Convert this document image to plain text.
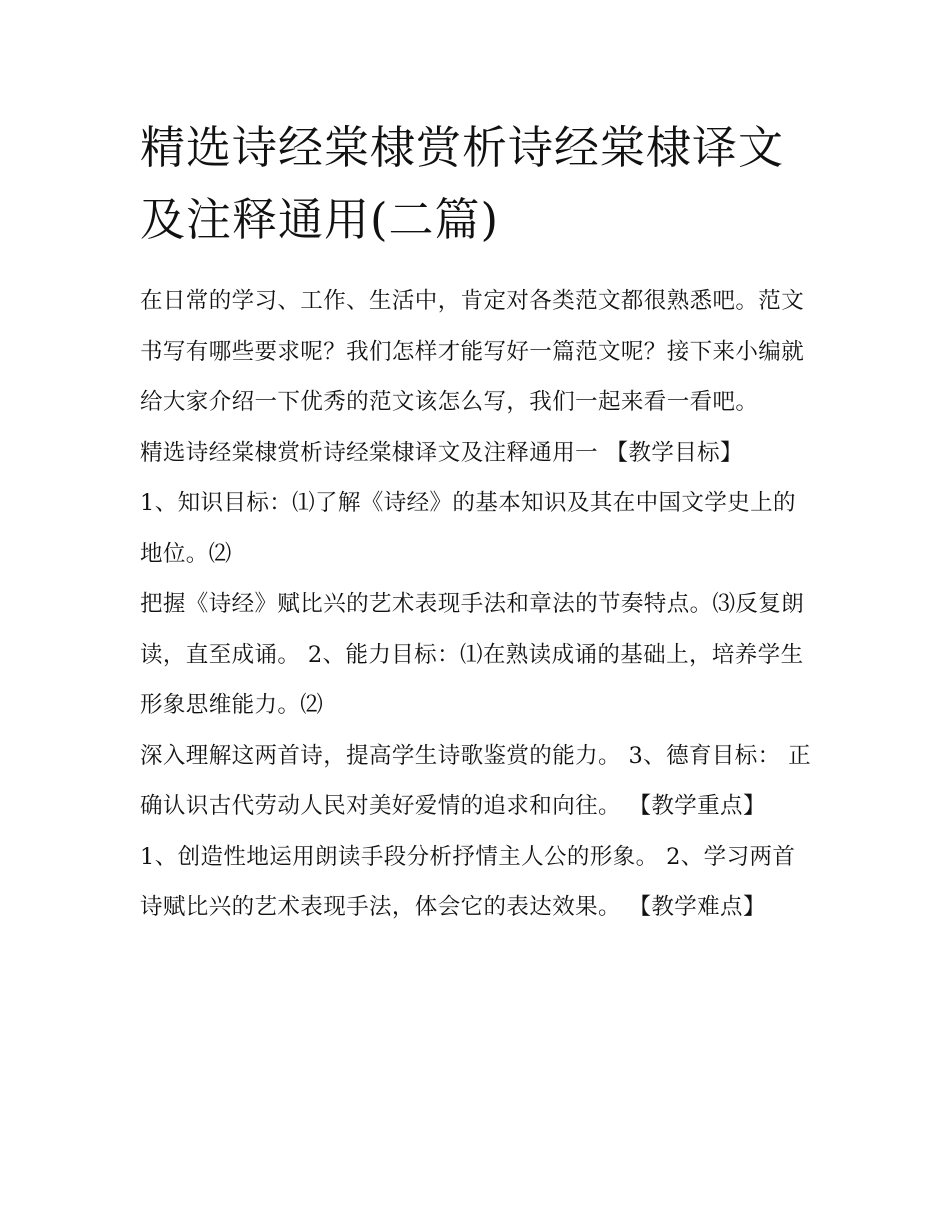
精选诗经棠棣赏析诗经棠棣译文及注释通用(二篇)

在日常的学习、工作、生活中，肯定对各类范文都很熟悉吧。范文书写有哪些要求呢？我们怎样才能写好一篇范文呢？接下来小编就给大家介绍一下优秀的范文该怎么写，我们一起来看一看吧。

精选诗经棠棣赏析诗经棠棣译文及注释通用一 【教学目标】

1、知识目标：⑴了解《诗经》的基本知识及其在中国文学史上的地位。⑵

把握《诗经》赋比兴的艺术表现手法和章法的节奏特点。⑶反复朗读，直至成诵。 2、能力目标：⑴在熟读成诵的基础上，培养学生形象思维能力。⑵

深入理解这两首诗，提高学生诗歌鉴赏的能力。 3、德育目标： 正确认识古代劳动人民对美好爱情的追求和向往。 【教学重点】

1、创造性地运用朗读手段分析抒情主人公的形象。 2、学习两首诗赋比兴的艺术表现手法，体会它的表达效果。 【教学难点】
